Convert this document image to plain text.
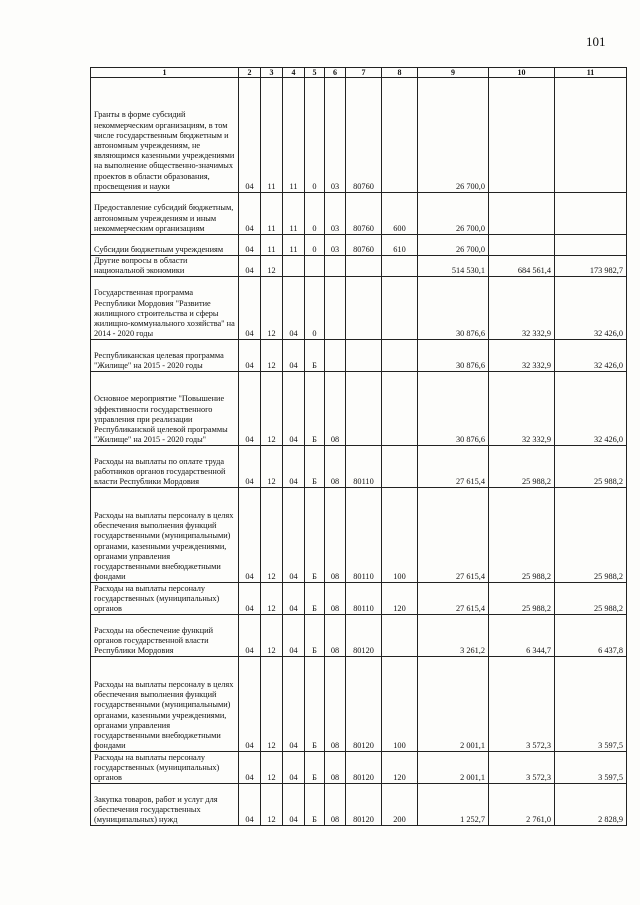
101
1	2	3	4	5	6	7	8	9	10	11
Гранты в форме субсидий некоммерческим организациям, в том числе государственным бюджетным и автономным учреждениям, не являющимся казенными учреждениями на выполнение общественно-значимых проектов в области образования, просвещения и науки	04	11	11	0	03	80760		26 700,0		
Предоставление субсидий бюджетным, автономным учреждениям и иным некоммерческим организациям	04	11	11	0	03	80760	600	26 700,0		
Субсидии бюджетным учреждениям	04	11	11	0	03	80760	610	26 700,0		
Другие вопросы в области национальной экономики	04	12						514 530,1	684 561,4	173 982,7
Государственная программа Республики Мордовия "Развитие жилищного строительства и сферы жилищно-коммунального хозяйства" на 2014 - 2020 годы	04	12	04	0				30 876,6	32 332,9	32 426,0
Республиканская целевая программа "Жилище" на 2015 - 2020 годы	04	12	04	Б				30 876,6	32 332,9	32 426,0
Основное мероприятие "Повышение эффективности государственного управления при реализации Республиканской целевой программы "Жилище" на 2015 - 2020 годы"	04	12	04	Б	08			30 876,6	32 332,9	32 426,0
Расходы на выплаты по оплате труда работников органов государственной власти Республики Мордовия	04	12	04	Б	08	80110		27 615,4	25 988,2	25 988,2
Расходы на выплаты персоналу в целях обеспечения выполнения функций государственными (муниципальными) органами, казенными учреждениями, органами управления государственными внебюджетными фондами	04	12	04	Б	08	80110	100	27 615,4	25 988,2	25 988,2
Расходы на выплаты персоналу государственных (муниципальных) органов	04	12	04	Б	08	80110	120	27 615,4	25 988,2	25 988,2
Расходы на обеспечение функций органов государственной власти Республики Мордовия	04	12	04	Б	08	80120		3 261,2	6 344,7	6 437,8
Расходы на выплаты персоналу в целях обеспечения выполнения функций государственными (муниципальными) органами, казенными учреждениями, органами управления государственными внебюджетными фондами	04	12	04	Б	08	80120	100	2 001,1	3 572,3	3 597,5
Расходы на выплаты персоналу государственных (муниципальных) органов	04	12	04	Б	08	80120	120	2 001,1	3 572,3	3 597,5
Закупка товаров, работ и услуг для обеспечения государственных (муниципальных) нужд	04	12	04	Б	08	80120	200	1 252,7	2 761,0	2 828,9
